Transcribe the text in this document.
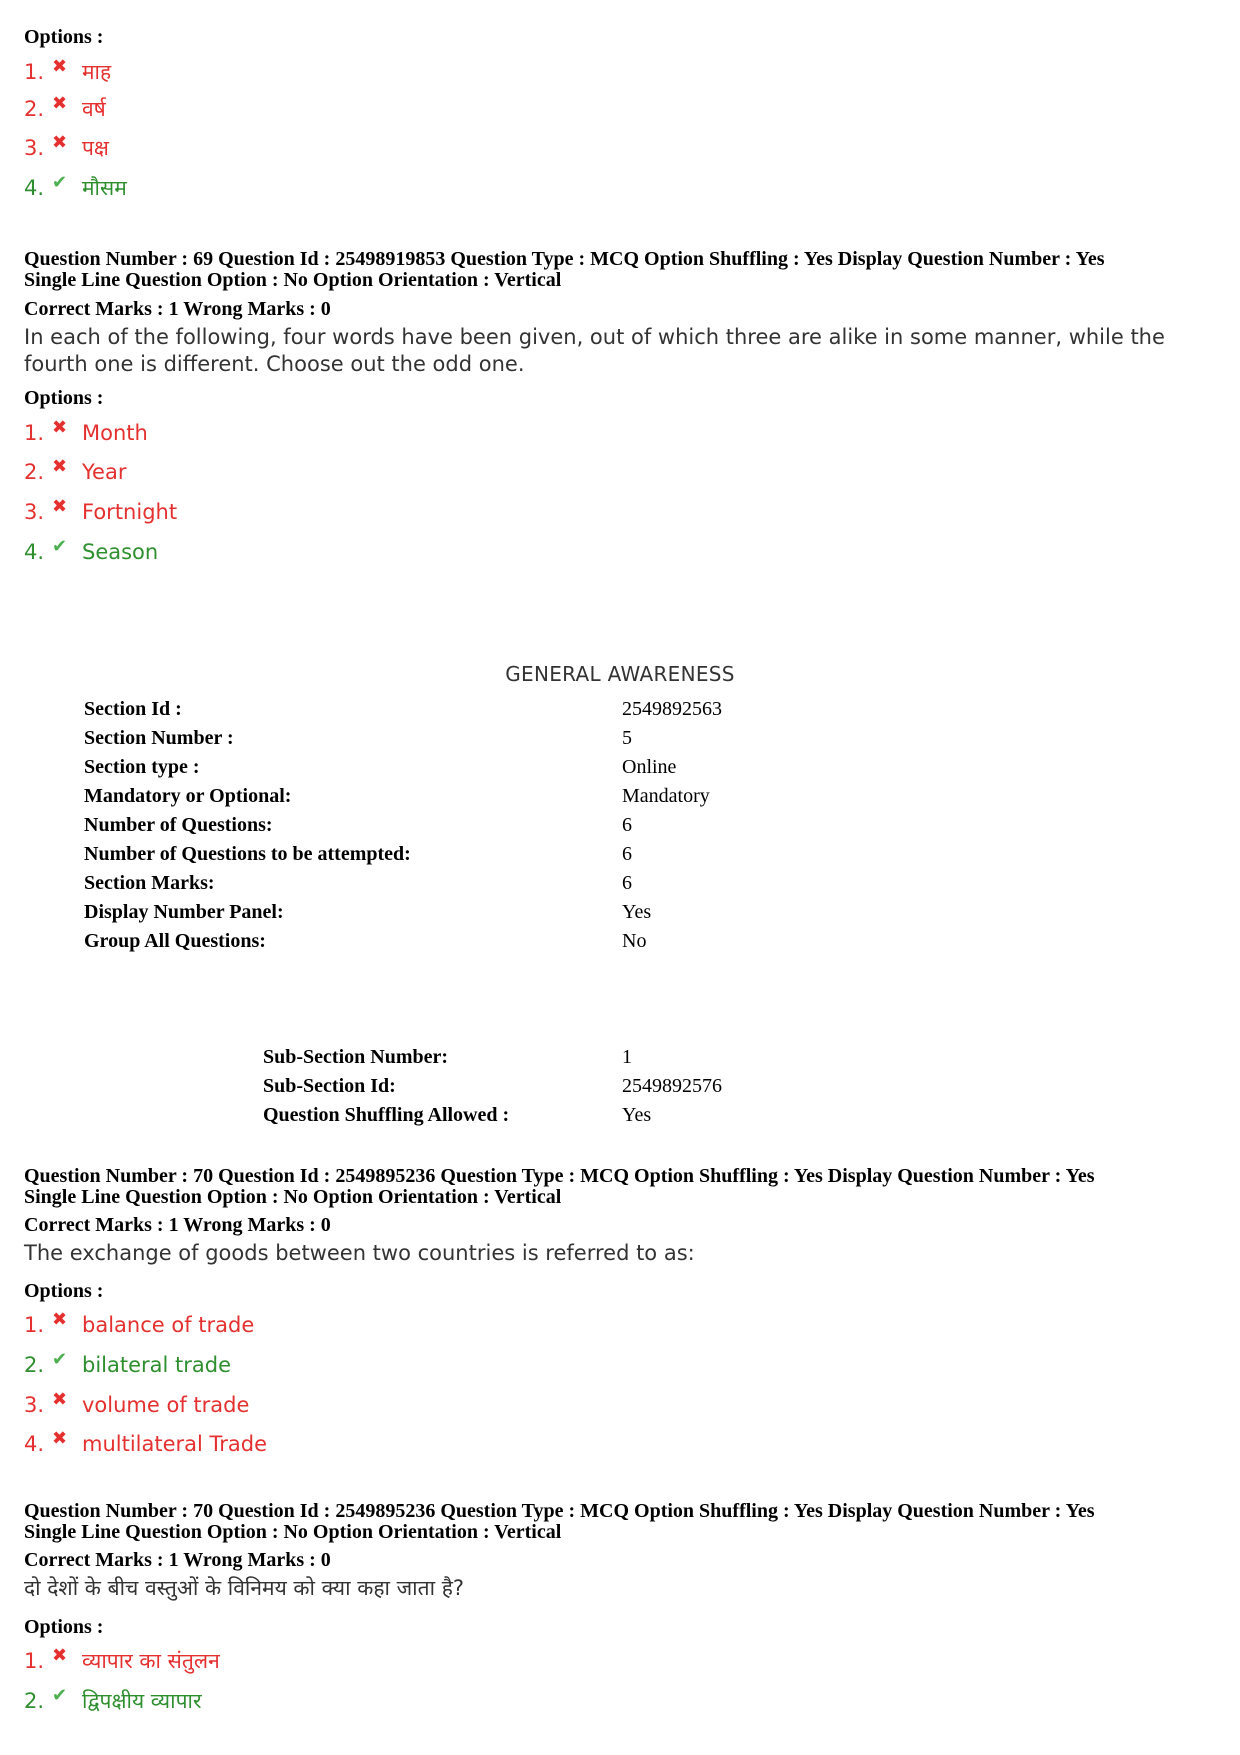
Options :
1. ✖ माह
2. ✖ वर्ष
3. ✖ पक्ष
4. ✔ मौसम
Question Number : 69 Question Id : 25498919853 Question Type : MCQ Option Shuffling : Yes Display Question Number : Yes
Single Line Question Option : No Option Orientation : Vertical
Correct Marks : 1 Wrong Marks : 0
In each of the following, four words have been given, out of which three are alike in some manner, while the
fourth one is different. Choose out the odd one.
Options :
1. ✖ Month
2. ✖ Year
3. ✖ Fortnight
4. ✔ Season
GENERAL AWARENESS
Section Id :	2549892563
Section Number :	5
Section type :	Online
Mandatory or Optional:	Mandatory
Number of Questions:	6
Number of Questions to be attempted:	6
Section Marks:	6
Display Number Panel:	Yes
Group All Questions:	No
Sub-Section Number:	1
Sub-Section Id:	2549892576
Question Shuffling Allowed :	Yes
Question Number : 70 Question Id : 2549895236 Question Type : MCQ Option Shuffling : Yes Display Question Number : Yes
Single Line Question Option : No Option Orientation : Vertical
Correct Marks : 1 Wrong Marks : 0
The exchange of goods between two countries is referred to as:
Options :
1. ✖ balance of trade
2. ✔ bilateral trade
3. ✖ volume of trade
4. ✖ multilateral Trade
Question Number : 70 Question Id : 2549895236 Question Type : MCQ Option Shuffling : Yes Display Question Number : Yes
Single Line Question Option : No Option Orientation : Vertical
Correct Marks : 1 Wrong Marks : 0
दो देशों के बीच वस्तुओं के विनिमय को क्या कहा जाता है?
Options :
1. ✖ व्यापार का संतुलन
2. ✔ द्विपक्षीय व्यापार
